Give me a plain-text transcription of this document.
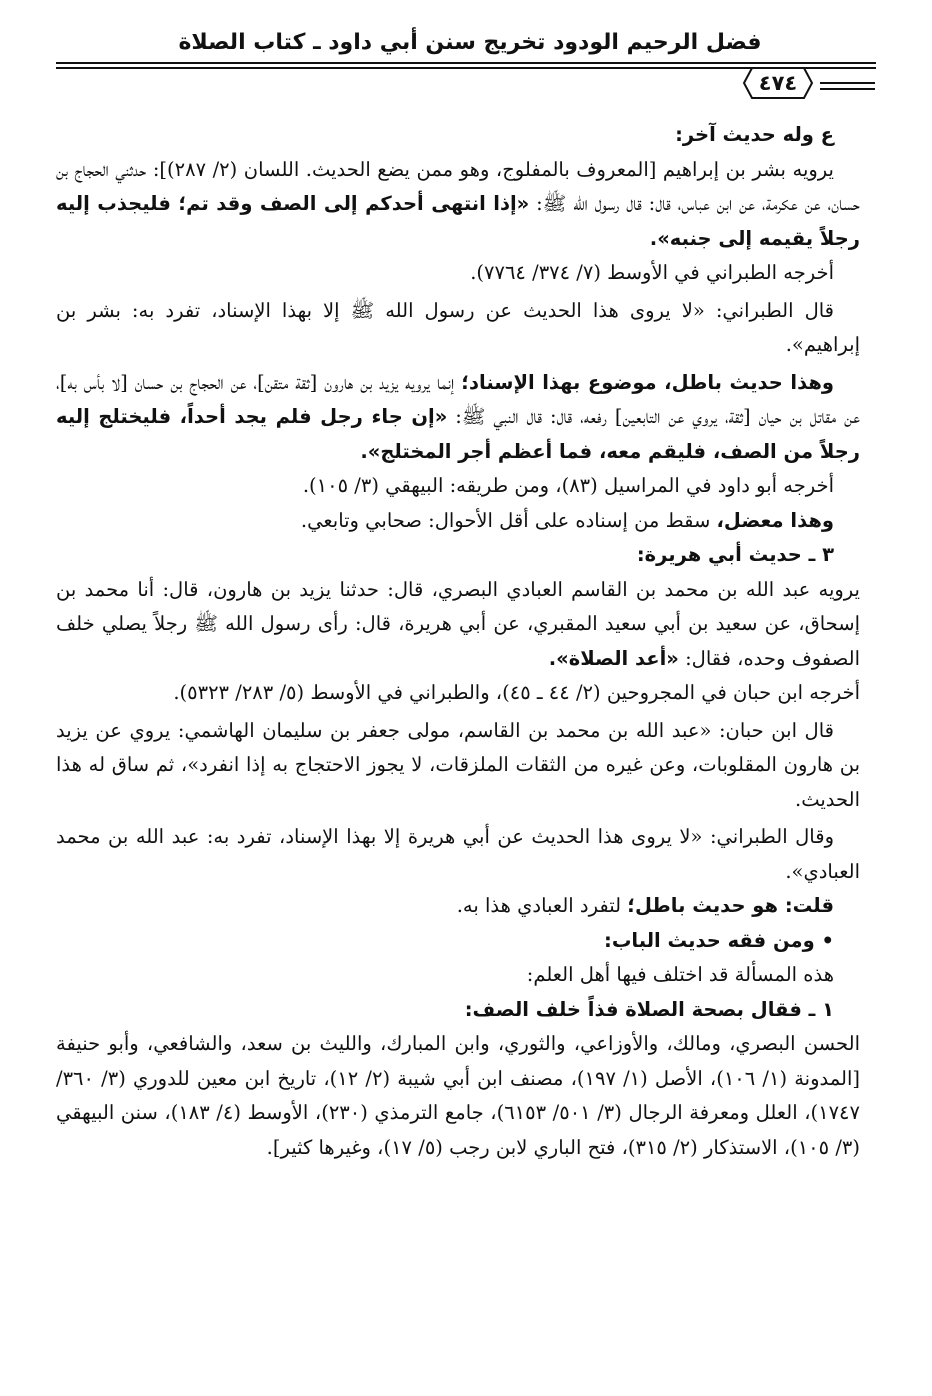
فضل الرحيم الودود تخريج سنن أبي داود ـ كتاب الصلاة
٤٧٤

ع وله حديث آخر:

يرويه بشر بن إبراهيم [المعروف بالمفلوج، وهو ممن يضع الحديث. اللسان (٢/ ٢٨٧)]: حدثني الحجاج بن حسان، عن عكرمة، عن ابن عباس، قال: قال رسول الله ﷺ: «إذا انتهى أحدكم إلى الصف وقد تم؛ فليجذب إليه رجلاً يقيمه إلى جنبه».

أخرجه الطبراني في الأوسط (٧/ ٣٧٤/ ٧٧٦٤).

قال الطبراني: «لا يروى هذا الحديث عن رسول الله ﷺ إلا بهذا الإسناد، تفرد به: بشر بن إبراهيم».

وهذا حديث باطل، موضوع بهذا الإسناد؛ إنما يرويه يزيد بن هارون [ثقة متقن]، عن الحجاج بن حسان [لا بأس به]، عن مقاتل بن حيان [ثقة، يروي عن التابعين] رفعه، قال: قال النبي ﷺ: «إن جاء رجل فلم يجد أحداً، فليختلج إليه رجلاً من الصف، فليقم معه، فما أعظم أجر المختلج».

أخرجه أبو داود في المراسيل (٨٣)، ومن طريقه: البيهقي (٣/ ١٠٥).

وهذا معضل، سقط من إسناده على أقل الأحوال: صحابي وتابعي.

٣ ـ حديث أبي هريرة:

يرويه عبد الله بن محمد بن القاسم العبادي البصري، قال: حدثنا يزيد بن هارون، قال: أنا محمد بن إسحاق، عن سعيد بن أبي سعيد المقبري، عن أبي هريرة، قال: رأى رسول الله ﷺ رجلاً يصلي خلف الصفوف وحده، فقال: «أعد الصلاة».

أخرجه ابن حبان في المجروحين (٢/ ٤٤ ـ ٤٥)، والطبراني في الأوسط (٥/ ٢٨٣/ ٥٣٢٣).

قال ابن حبان: «عبد الله بن محمد بن القاسم، مولى جعفر بن سليمان الهاشمي: يروي عن يزيد بن هارون المقلوبات، وعن غيره من الثقات الملزقات، لا يجوز الاحتجاج به إذا انفرد»، ثم ساق له هذا الحديث.

وقال الطبراني: «لا يروى هذا الحديث عن أبي هريرة إلا بهذا الإسناد، تفرد به: عبد الله بن محمد العبادي».

قلت: هو حديث باطل؛ لتفرد العبادي هذا به.

• ومن فقه حديث الباب:

هذه المسألة قد اختلف فيها أهل العلم:

١ ـ فقال بصحة الصلاة فذاً خلف الصف:

الحسن البصري، ومالك، والأوزاعي، والثوري، وابن المبارك، والليث بن سعد، والشافعي، وأبو حنيفة [المدونة (١/ ١٠٦)، الأصل (١/ ١٩٧)، مصنف ابن أبي شيبة (٢/ ١٢)، تاريخ ابن معين للدوري (٣/ ٣٦٠/ ١٧٤٧)، العلل ومعرفة الرجال (٣/ ٥٠١/ ٦١٥٣)، جامع الترمذي (٢٣٠)، الأوسط (٤/ ١٨٣)، سنن البيهقي (٣/ ١٠٥)، الاستذكار (٢/ ٣١٥)، فتح الباري لابن رجب (٥/ ١٧)، وغيرها كثير].
